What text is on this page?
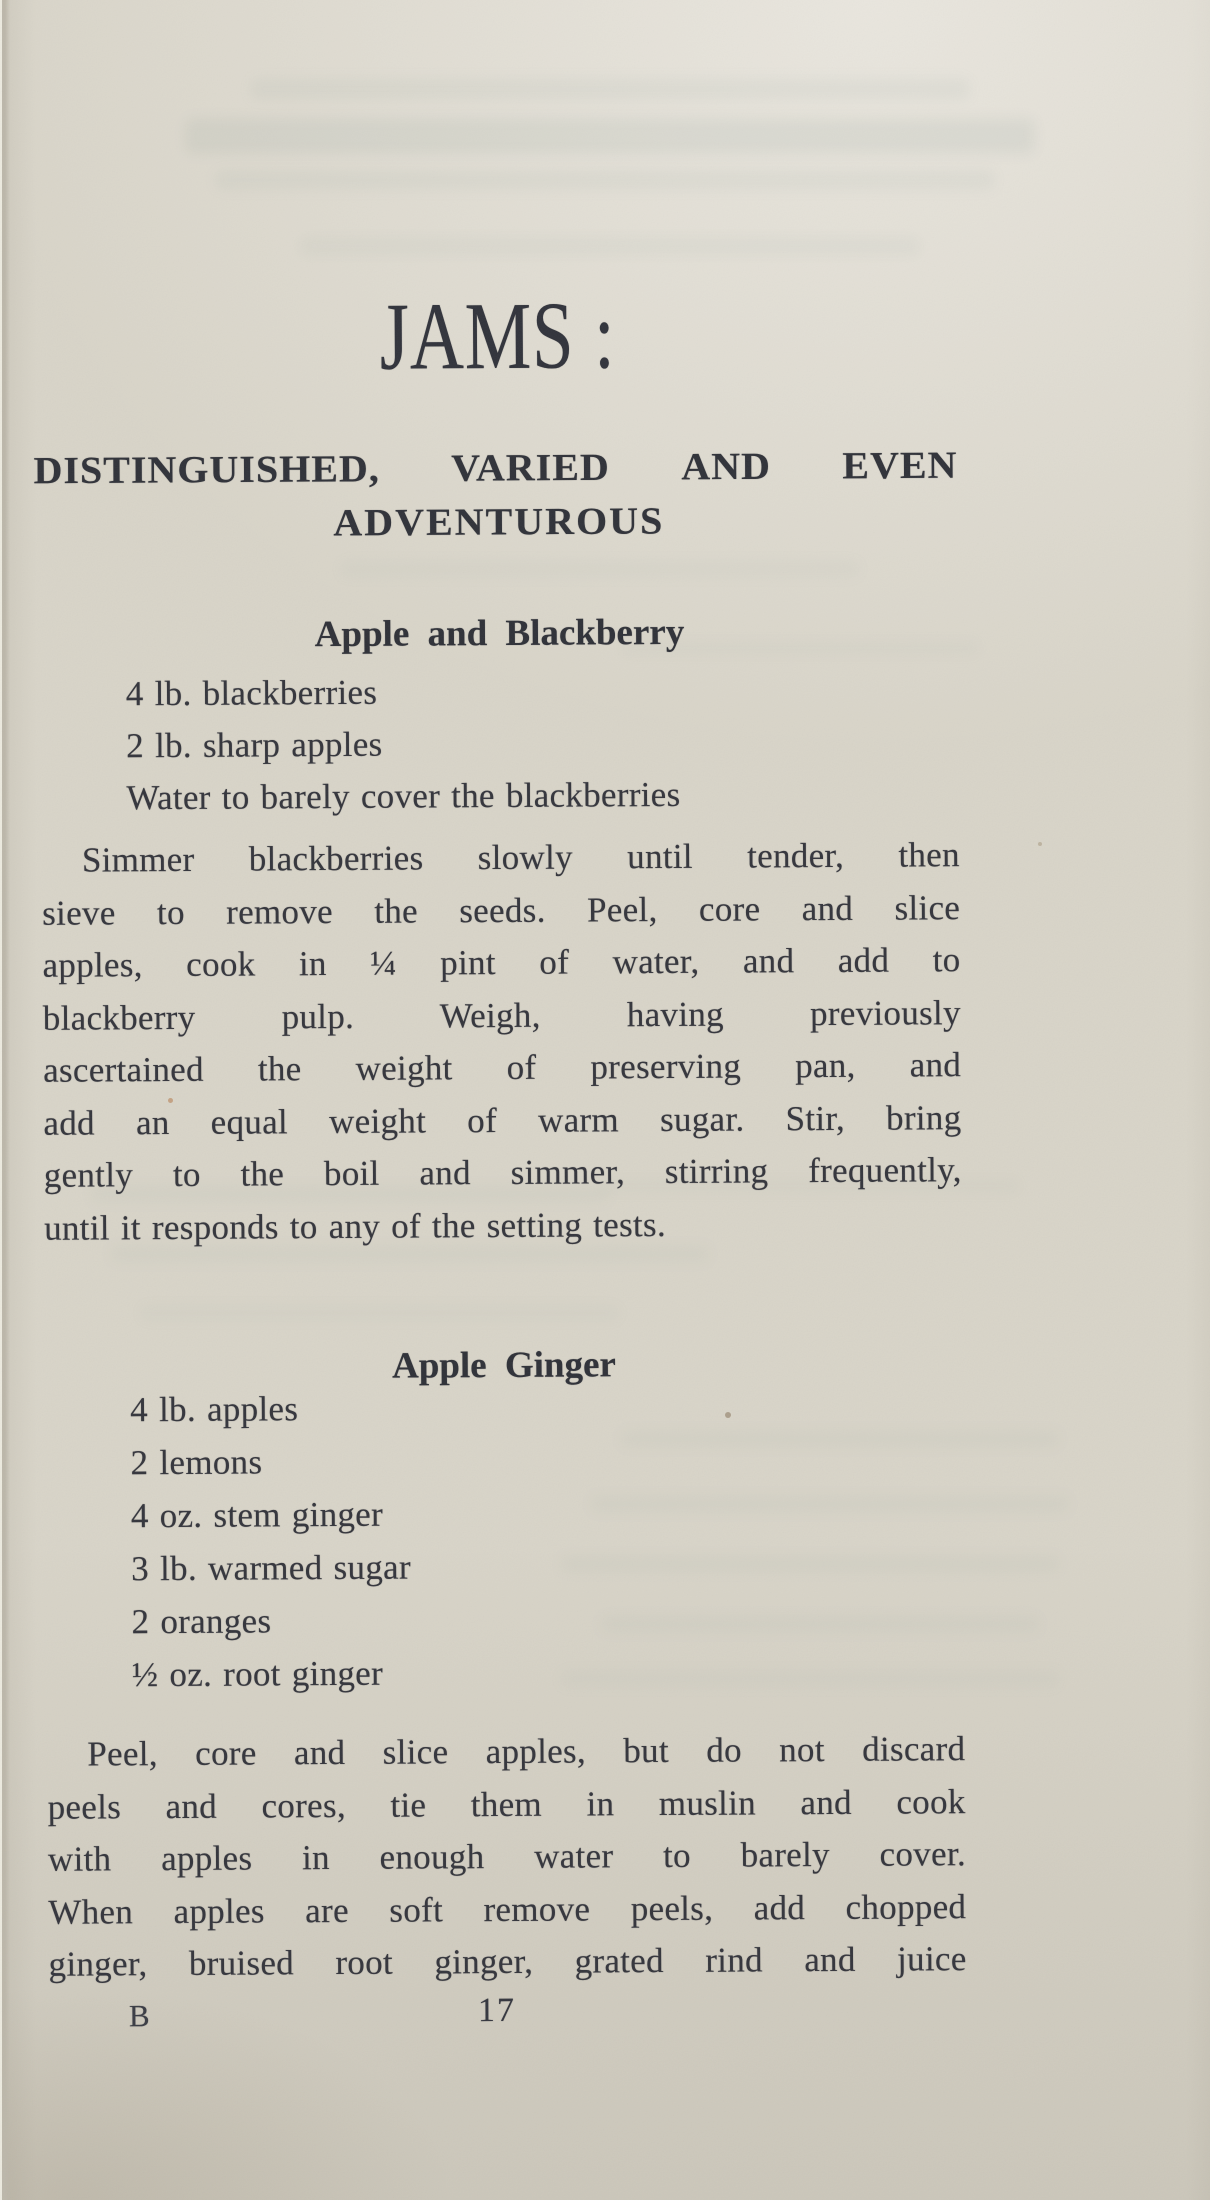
JAMS :
DISTINGUISHED, VARIED AND EVEN
ADVENTUROUS
Apple and Blackberry
4 lb. blackberries
2 lb. sharp apples
Water to barely cover the blackberries
Simmer blackberries slowly until tender, then
sieve to remove the seeds. Peel, core and slice
apples, cook in ¼ pint of water, and add to
blackberry pulp. Weigh, having previously
ascertained the weight of preserving pan, and
add an equal weight of warm sugar. Stir, bring
gently to the boil and simmer, stirring frequently,
until it responds to any of the setting tests.
Apple Ginger
4 lb. apples
2 lemons
4 oz. stem ginger
3 lb. warmed sugar
2 oranges
½ oz. root ginger
Peel, core and slice apples, but do not discard
peels and cores, tie them in muslin and cook
with apples in enough water to barely cover.
When apples are soft remove peels, add chopped
ginger, bruised root ginger, grated rind and juice
B	17
